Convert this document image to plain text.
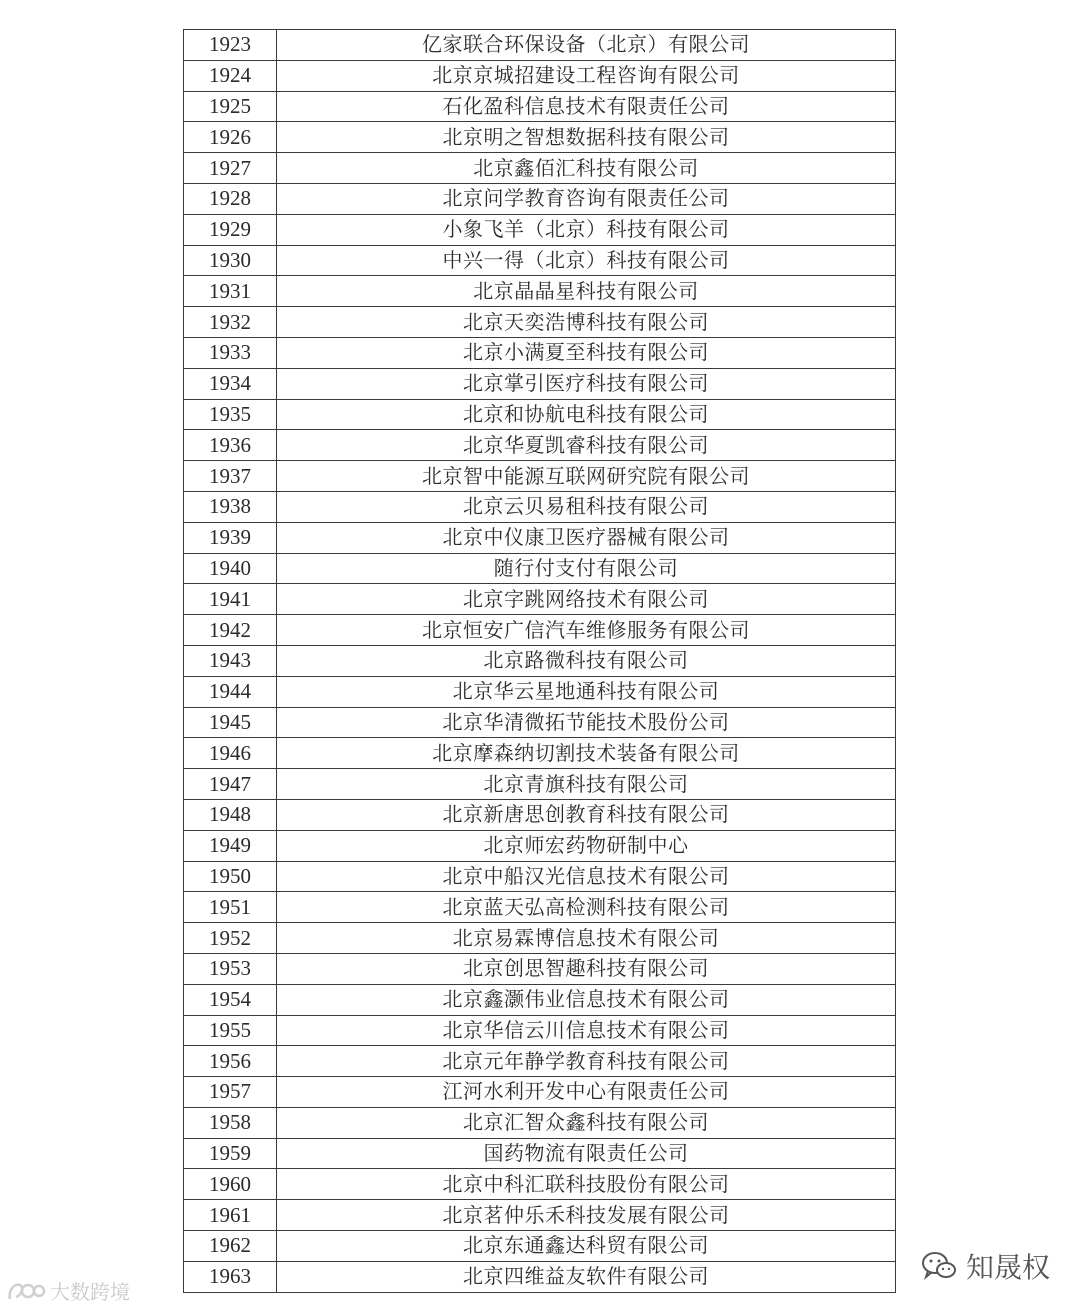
1923	亿家联合环保设备（北京）有限公司
1924	北京京城招建设工程咨询有限公司
1925	石化盈科信息技术有限责任公司
1926	北京明之智想数据科技有限公司
1927	北京鑫佰汇科技有限公司
1928	北京问学教育咨询有限责任公司
1929	小象飞羊（北京）科技有限公司
1930	中兴一得（北京）科技有限公司
1931	北京晶晶星科技有限公司
1932	北京天奕浩博科技有限公司
1933	北京小满夏至科技有限公司
1934	北京掌引医疗科技有限公司
1935	北京和协航电科技有限公司
1936	北京华夏凯睿科技有限公司
1937	北京智中能源互联网研究院有限公司
1938	北京云贝易租科技有限公司
1939	北京中仪康卫医疗器械有限公司
1940	随行付支付有限公司
1941	北京字跳网络技术有限公司
1942	北京恒安广信汽车维修服务有限公司
1943	北京路微科技有限公司
1944	北京华云星地通科技有限公司
1945	北京华清微拓节能技术股份公司
1946	北京摩森纳切割技术装备有限公司
1947	北京青旗科技有限公司
1948	北京新唐思创教育科技有限公司
1949	北京师宏药物研制中心
1950	北京中船汉光信息技术有限公司
1951	北京蓝天弘高检测科技有限公司
1952	北京易霖博信息技术有限公司
1953	北京创思智趣科技有限公司
1954	北京鑫灏伟业信息技术有限公司
1955	北京华信云川信息技术有限公司
1956	北京元年静学教育科技有限公司
1957	江河水利开发中心有限责任公司
1958	北京汇智众鑫科技有限公司
1959	国药物流有限责任公司
1960	北京中科汇联科技股份有限公司
1961	北京茗仲乐禾科技发展有限公司
1962	北京东通鑫达科贸有限公司
1963	北京四维益友软件有限公司
大数跨境
知晟权
